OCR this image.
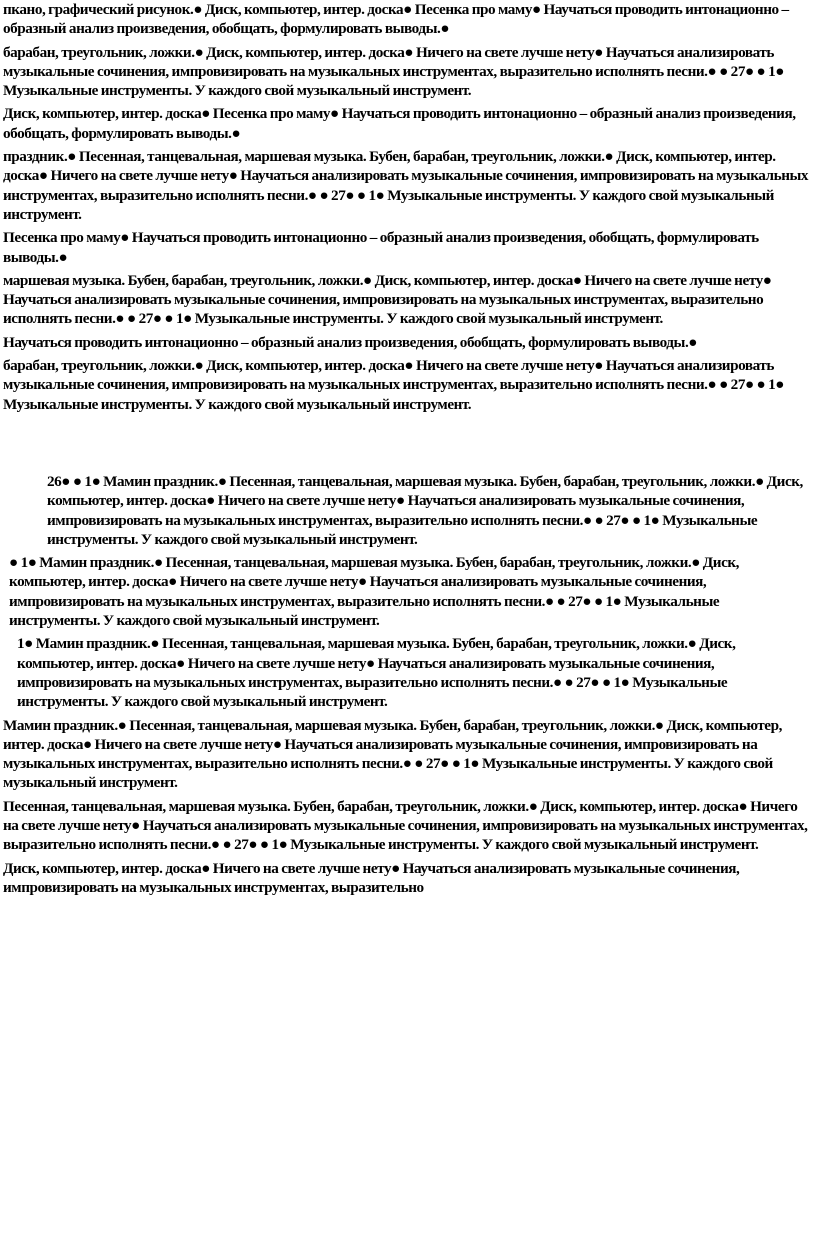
пкано, графический рисунок.● Диск, компьютер, интер. доска● Песенка про маму● Научаться проводить интонационно – образный анализ произведения, обобщать, формулировать выводы.●

барабан, треугольник, ложки.● Диск, компьютер, интер. доска● Ничего на свете лучше нету● Научаться анализировать музыкальные сочинения, импровизировать на музыкальных инструментах, выразительно исполнять песни.● ● 27● ● 1● Музыкальные инструменты. У каждого свой музыкальный инструмент.

Диск, компьютер, интер. доска● Песенка про маму● Научаться проводить интонационно – образный анализ произведения, обобщать, формулировать выводы.●

праздник.● Песенная, танцевальная, маршевая музыка. Бубен, барабан, треугольник, ложки.● Диск, компьютер, интер. доска● Ничего на свете лучше нету● Научаться анализировать музыкальные сочинения, импровизировать на музыкальных инструментах, выразительно исполнять песни.● ● 27● ● 1● Музыкальные инструменты. У каждого свой музыкальный инструмент.

Песенка про маму● Научаться проводить интонационно – образный анализ произведения, обобщать, формулировать выводы.●

маршевая музыка. Бубен, барабан, треугольник, ложки.● Диск, компьютер, интер. доска● Ничего на свете лучше нету● Научаться анализировать музыкальные сочинения, импровизировать на музыкальных инструментах, выразительно исполнять песни.● ● 27● ● 1● Музыкальные инструменты. У каждого свой музыкальный инструмент.

Научаться проводить интонационно – образный анализ произведения, обобщать, формулировать выводы.●

барабан, треугольник, ложки.● Диск, компьютер, интер. доска● Ничего на свете лучше нету● Научаться анализировать музыкальные сочинения, импровизировать на музыкальных инструментах, выразительно исполнять песни.● ● 27● ● 1● Музыкальные инструменты. У каждого свой музыкальный инструмент.

26● ● 1● Мамин праздник.● Песенная, танцевальная, маршевая музыка. Бубен, барабан, треугольник, ложки.● Диск, компьютер, интер. доска● Ничего на свете лучше нету● Научаться анализировать музыкальные сочинения, импровизировать на музыкальных инструментах, выразительно исполнять песни.● ● 27● ● 1● Музыкальные инструменты. У каждого свой музыкальный инструмент.

● 1● Мамин праздник.● Песенная, танцевальная, маршевая музыка. Бубен, барабан, треугольник, ложки.● Диск, компьютер, интер. доска● Ничего на свете лучше нету● Научаться анализировать музыкальные сочинения, импровизировать на музыкальных инструментах, выразительно исполнять песни.● ● 27● ● 1● Музыкальные инструменты. У каждого свой музыкальный инструмент.

1● Мамин праздник.● Песенная, танцевальная, маршевая музыка. Бубен, барабан, треугольник, ложки.● Диск, компьютер, интер. доска● Ничего на свете лучше нету● Научаться анализировать музыкальные сочинения, импровизировать на музыкальных инструментах, выразительно исполнять песни.● ● 27● ● 1● Музыкальные инструменты. У каждого свой музыкальный инструмент.

Мамин праздник.● Песенная, танцевальная, маршевая музыка. Бубен, барабан, треугольник, ложки.● Диск, компьютер, интер. доска● Ничего на свете лучше нету● Научаться анализировать музыкальные сочинения, импровизировать на музыкальных инструментах, выразительно исполнять песни.● ● 27● ● 1● Музыкальные инструменты. У каждого свой музыкальный инструмент.

Песенная, танцевальная, маршевая музыка. Бубен, барабан, треугольник, ложки.● Диск, компьютер, интер. доска● Ничего на свете лучше нету● Научаться анализировать музыкальные сочинения, импровизировать на музыкальных инструментах, выразительно исполнять песни.● ● 27● ● 1● Музыкальные инструменты. У каждого свой музыкальный инструмент.

Диск, компьютер, интер. доска● Ничего на свете лучше нету● Научаться анализировать музыкальные сочинения, импровизировать на музыкальных инструментах, выразительно
